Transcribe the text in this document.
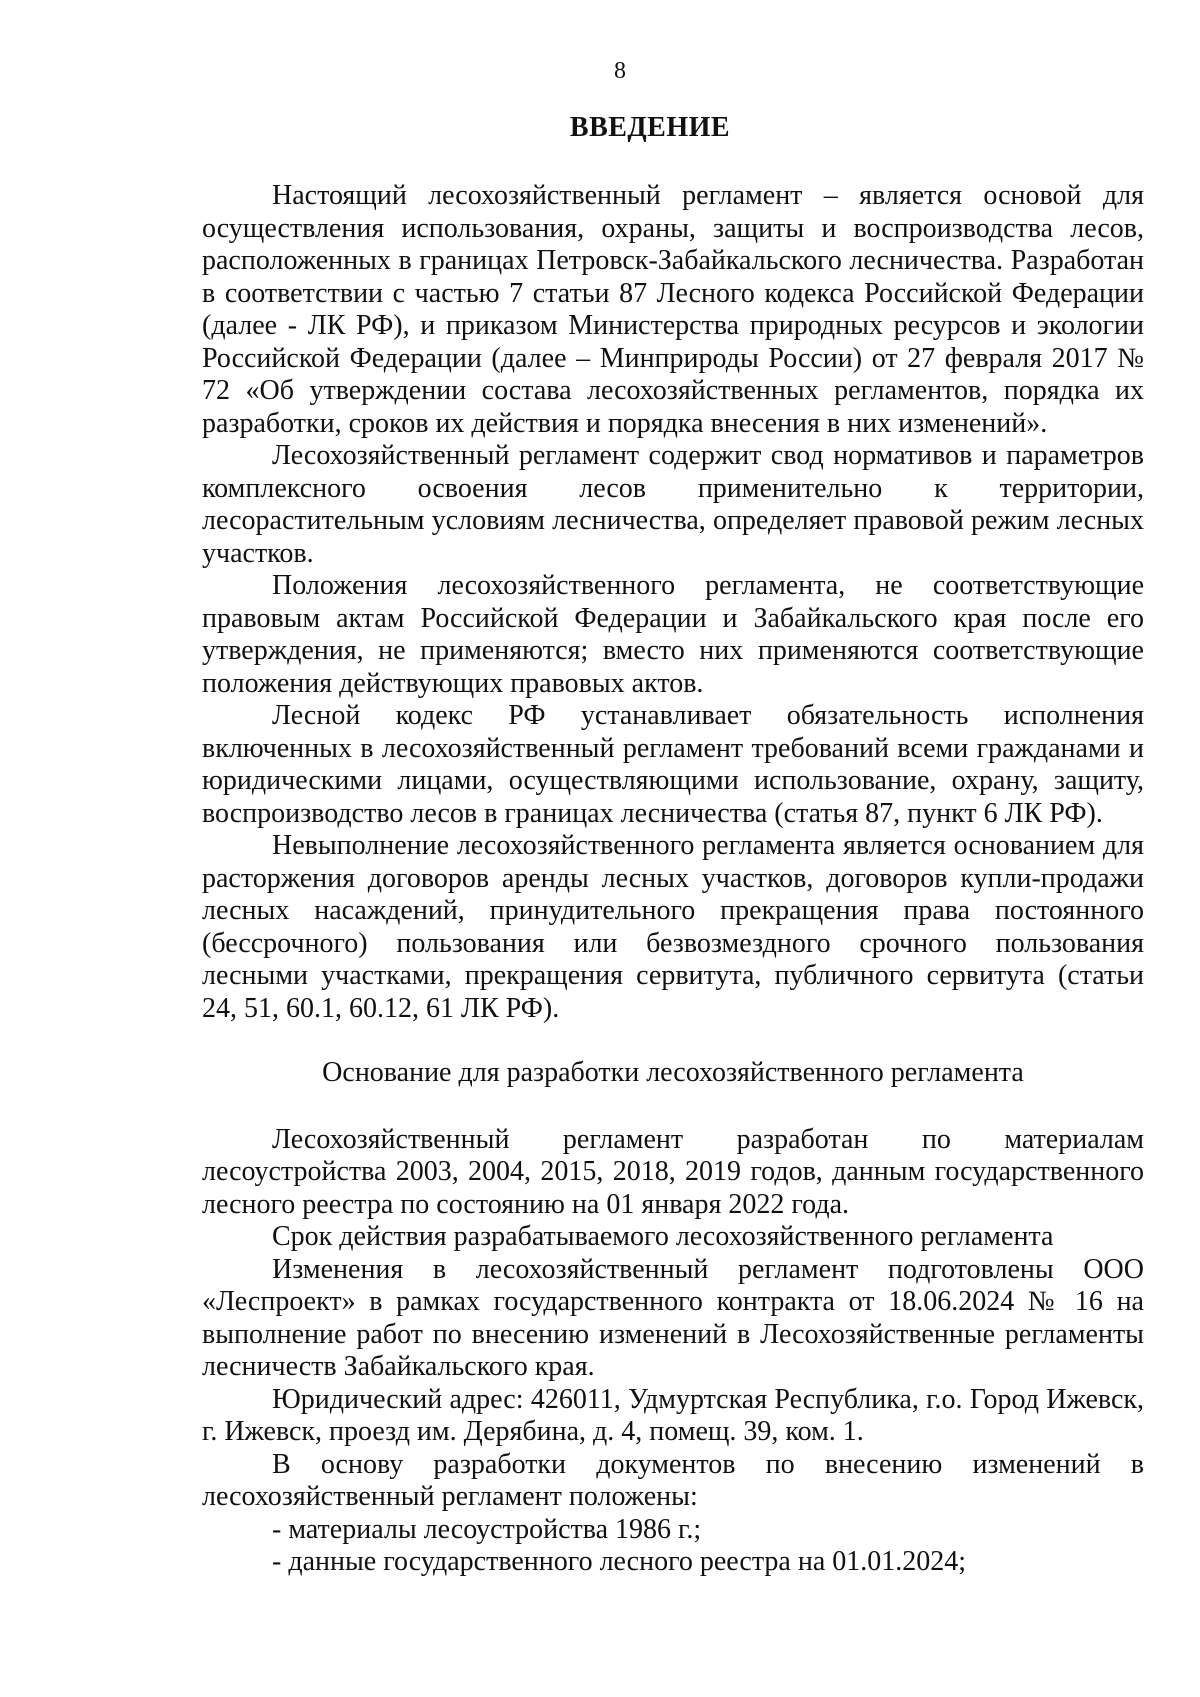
8
ВВЕДЕНИЕ

Настоящий лесохозяйственный регламент – является основой для осуществления использования, охраны, защиты и воспроизводства лесов, расположенных в границах Петровск-Забайкальского лесничества. Разработан в соответствии с частью 7 статьи 87 Лесного кодекса Российской Федерации (далее - ЛК РФ), и приказом Министерства природных ресурсов и экологии Российской Федерации (далее – Минприроды России) от 27 февраля 2017 № 72 «Об утверждении состава лесохозяйственных регламентов, порядка их разработки, сроков их действия и порядка внесения в них изменений».

Лесохозяйственный регламент содержит свод нормативов и параметров комплексного освоения лесов применительно к территории, лесорастительным условиям лесничества, определяет правовой режим лесных участков.

Положения лесохозяйственного регламента, не соответствующие правовым актам Российской Федерации и Забайкальского края после его утверждения, не применяются; вместо них применяются соответствующие положения действующих правовых актов.

Лесной кодекс РФ устанавливает обязательность исполнения включенных в лесохозяйственный регламент требований всеми гражданами и юридическими лицами, осуществляющими использование, охрану, защиту, воспроизводство лесов в границах лесничества (статья 87, пункт 6 ЛК РФ).

Невыполнение лесохозяйственного регламента является основанием для расторжения договоров аренды лесных участков, договоров купли-продажи лесных насаждений, принудительного прекращения права постоянного (бессрочного) пользования или безвозмездного срочного пользования лесными участками, прекращения сервитута, публичного сервитута (статьи 24, 51, 60.1, 60.12, 61 ЛК РФ).

Основание для разработки лесохозяйственного регламента

Лесохозяйственный регламент разработан по материалам лесоустройства 2003, 2004, 2015, 2018, 2019 годов, данным государственного лесного реестра по состоянию на 01 января 2022 года.

Срок действия разрабатываемого лесохозяйственного регламента

Изменения в лесохозяйственный регламент подготовлены ООО «Леспроект» в рамках государственного контракта от 18.06.2024 № 16 на выполнение работ по внесению изменений в Лесохозяйственные регламенты лесничеств Забайкальского края.

Юридический адрес: 426011, Удмуртская Республика, г.о. Город Ижевск, г. Ижевск, проезд им. Дерябина, д. 4, помещ. 39, ком. 1.

В основу разработки документов по внесению изменений в лесохозяйственный регламент положены:

- материалы лесоустройства 1986 г.;

- данные государственного лесного реестра на 01.01.2024;
